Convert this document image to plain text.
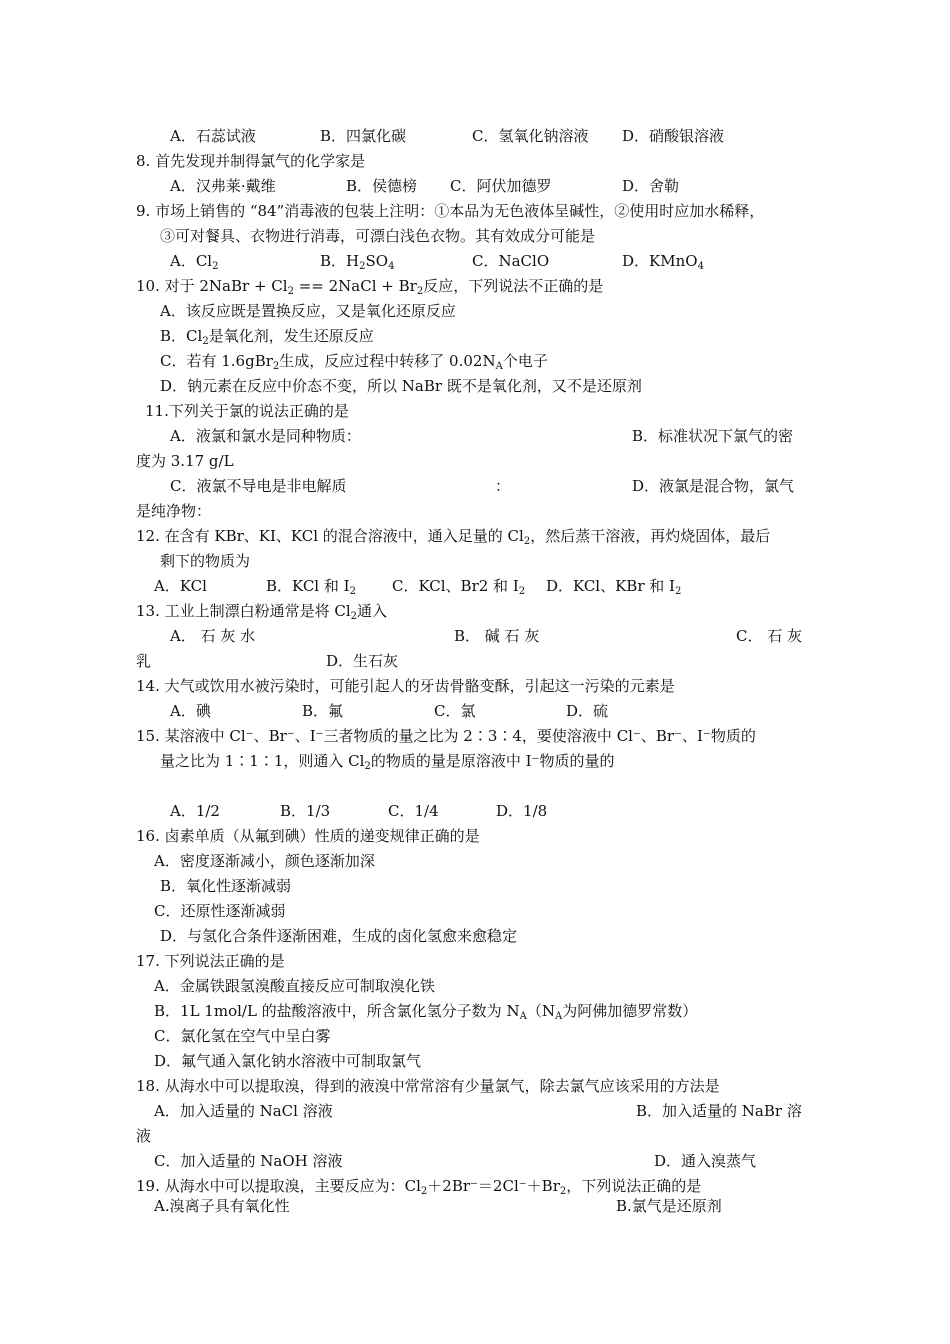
A．石蕊试液	B．四氯化碳	C．氢氧化钠溶液 D．硝酸银溶液
8. 首先发现并制得氯气的化学家是
A．汉弗莱·戴维	B．侯德榜 C．阿伏加德罗	D．舍勒
9. 市场上销售的 “84”消毒液的包装上注明：①本品为无色液体呈碱性，②使用时应加水稀释，
③可对餐具、衣物进行消毒，可漂白浅色衣物。其有效成分可能是
A．$Cl_2$	B．$H_2SO_4$	C．NaClO	D．KMnO$_4$
10. 对于 2NaBr + $Cl_2$ == 2NaCl + $Br_2$反应，下列说法不正确的是
A．该反应既是置换反应，又是氧化还原反应
B．$Cl_2$是氧化剂，发生还原反应
C．若有 1.6gBr$_2$生成，反应过程中转移了 $0.02N_A$个电子
D．钠元素在反应中价态不变，所以 NaBr 既不是氧化剂，又不是还原剂
11.下列关于氯的说法正确的是
A．液氯和氯水是同种物质：	B．标准状况下氯气的密
度为 3.17 g/L
C．液氯不导电是非电解质	：	D．液氯是混合物，氯气
是纯净物：
12. 在含有 KBr、KI、KCl 的混合溶液中，通入足量的 $Cl_2$，然后蒸干溶液，再灼烧固体，最后
剩下的物质为
A．KCl	B．KCl 和 $I_2$ C．KCl、Br2 和 $I_2$ D．KCl、KBr 和 $I_2$
13. 工业上制漂白粉通常是将 $Cl_2$通入
A． 石 灰 水	B． 碱 石 灰	C． 石 灰
乳	D．生石灰
14. 大气或饮用水被污染时，可能引起人的牙齿骨骼变酥，引起这一污染的元素是
A．碘	B．氟	C．氯	D．硫
15. 某溶液中 Cl⁻、Br⁻、I⁻三者物质的量之比为 2∶3∶4，要使溶液中 Cl⁻、Br⁻、I⁻物质的
量之比为 1∶1∶1，则通入 $Cl_2$的物质的量是原溶液中 I⁻物质的量的
A．1/2	B．1/3	C．1/4	D．1/8
16. 卤素单质（从氟到碘）性质的递变规律正确的是
A．密度逐渐减小，颜色逐渐加深
B．氧化性逐渐减弱
C．还原性逐渐减弱
D．与氢化合条件逐渐困难，生成的卤化氢愈来愈稳定
17. 下列说法正确的是
A．金属铁跟氢溴酸直接反应可制取溴化铁
B．1L 1mol/L 的盐酸溶液中，所含氯化氢分子数为 $N_A(N_A$为阿佛加德罗常数）
C．氯化氢在空气中呈白雾
D．氟气通入氯化钠水溶液中可制取氯气
18. 从海水中可以提取溴，得到的液溴中常常溶有少量氯气，除去氯气应该采用的方法是
A．加入适量的 NaCl 溶液	B．加入适量的 NaBr 溶
液
C．加入适量的 NaOH 溶液	D．通入溴蒸气
19. 从海水中可以提取溴，主要反应为：$Cl_2+2Br^-=2Cl^-+Br_2$，下列说法正确的是
A.溴离子具有氧化性	B.氯气是还原剂
